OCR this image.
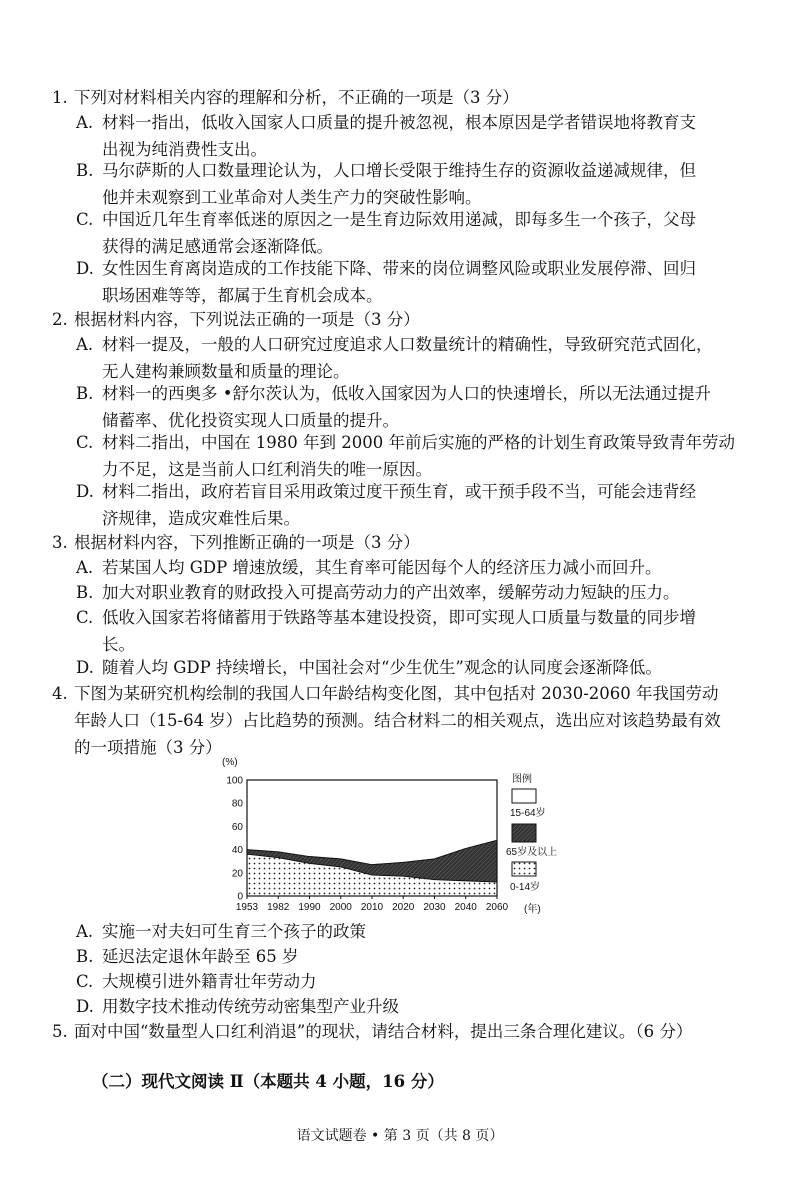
1. 下列对材料相关内容的理解和分析，不正确的一项是（3 分）
A. 材料一指出，低收入国家人口质量的提升被忽视，根本原因是学者错误地将教育支
出视为纯消费性支出。
B. 马尔萨斯的人口数量理论认为，人口增长受限于维持生存的资源收益递减规律，但
他并未观察到工业革命对人类生产力的突破性影响。
C. 中国近几年生育率低迷的原因之一是生育边际效用递减，即每多生一个孩子，父母
获得的满足感通常会逐渐降低。
D. 女性因生育离岗造成的工作技能下降、带来的岗位调整风险或职业发展停滞、回归
职场困难等等，都属于生育机会成本。
2. 根据材料内容，下列说法正确的一项是（3 分）
A. 材料一提及，一般的人口研究过度追求人口数量统计的精确性，导致研究范式固化，
无人建构兼顾数量和质量的理论。
B. 材料一的西奥多 •舒尔茨认为，低收入国家因为人口的快速增长，所以无法通过提升
储蓄率、优化投资实现人口质量的提升。
C. 材料二指出，中国在 1980 年到 2000 年前后实施的严格的计划生育政策导致青年劳动
力不足，这是当前人口红利消失的唯一原因。
D. 材料二指出，政府若盲目采用政策过度干预生育，或干预手段不当，可能会违背经
济规律，造成灾难性后果。
3. 根据材料内容，下列推断正确的一项是（3 分）
A. 若某国人均 GDP 增速放缓，其生育率可能因每个人的经济压力减小而回升。
B. 加大对职业教育的财政投入可提高劳动力的产出效率，缓解劳动力短缺的压力。
C. 低收入国家若将储蓄用于铁路等基本建设投资，即可实现人口质量与数量的同步增
长。
D. 随着人均 GDP 持续增长，中国社会对“少生优生”观念的认同度会逐渐降低。
4. 下图为某研究机构绘制的我国人口年龄结构变化图，其中包括对 2030-2060 年我国劳动
年龄人口（15-64 岁）占比趋势的预测。结合材料二的相关观点，选出应对该趋势最有效
的一项措施（3 分）
(%)
0
20
40
60
80
100
1953 1982 1990 2000 2010 2020 2030 2040 2060 (年)
图例
15-64岁
65岁及以上
0-14岁
A. 实施一对夫妇可生育三个孩子的政策
B. 延迟法定退休年龄至 65 岁
C. 大规模引进外籍青壮年劳动力
D. 用数字技术推动传统劳动密集型产业升级
5. 面对中国“数量型人口红利消退”的现状，请结合材料，提出三条合理化建议。（6 分）
（二）现代文阅读 Ⅱ（本题共 4 小题，16 分）
语文试题卷 • 第 3 页（共 8 页）
